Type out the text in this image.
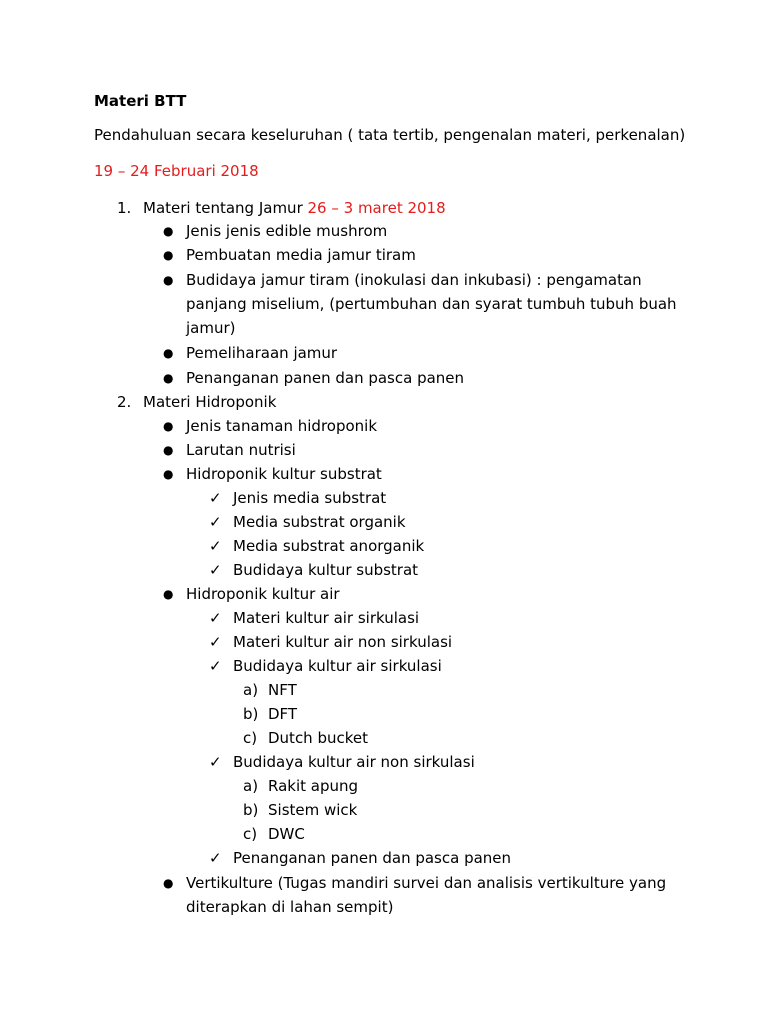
Materi BTT
Pendahuluan secara keseluruhan ( tata tertib, pengenalan materi, perkenalan)
19 – 24 Februari 2018
1. Materi tentang Jamur 26 – 3 maret 2018
● Jenis jenis edible mushrom
● Pembuatan media jamur tiram
● Budidaya jamur tiram (inokulasi dan inkubasi) : pengamatan
panjang miselium, (pertumbuhan dan syarat tumbuh tubuh buah
jamur)
● Pemeliharaan jamur
● Penanganan panen dan pasca panen
2. Materi Hidroponik
● Jenis tanaman hidroponik
● Larutan nutrisi
● Hidroponik kultur substrat
✓ Jenis media substrat
✓ Media substrat organik
✓ Media substrat anorganik
✓ Budidaya kultur substrat
● Hidroponik kultur air
✓ Materi kultur air sirkulasi
✓ Materi kultur air non sirkulasi
✓ Budidaya kultur air sirkulasi
a) NFT
b) DFT
c) Dutch bucket
✓ Budidaya kultur air non sirkulasi
a) Rakit apung
b) Sistem wick
c) DWC
✓ Penanganan panen dan pasca panen
● Vertikulture (Tugas mandiri survei dan analisis vertikulture yang
diterapkan di lahan sempit)
